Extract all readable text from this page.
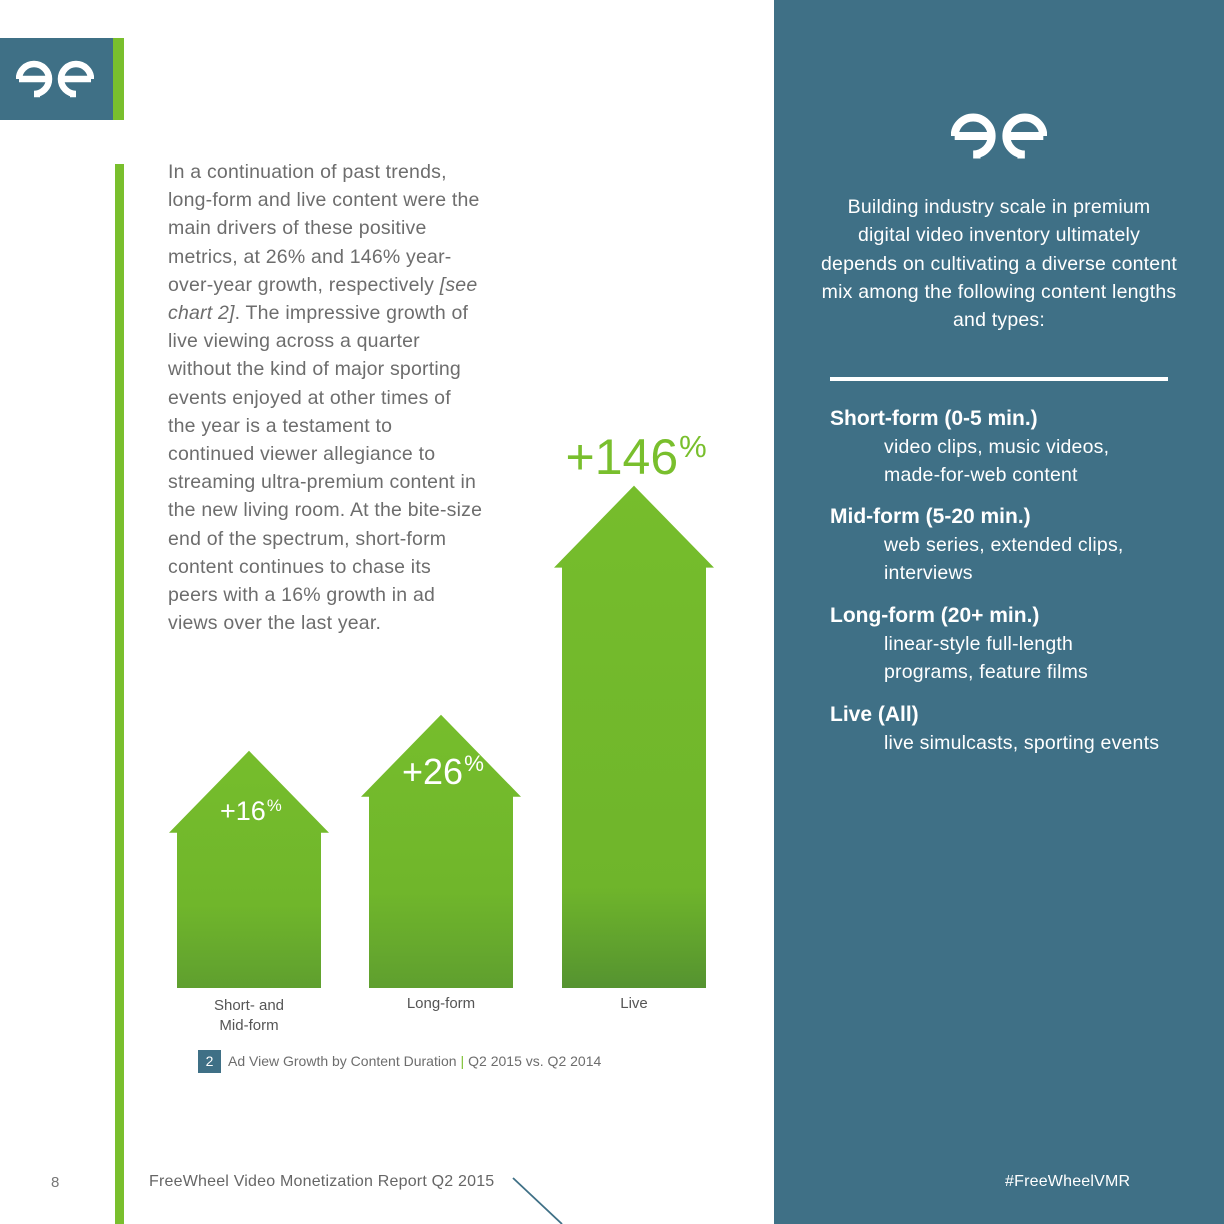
In a continuation of past trends, long-form and live content were the main drivers of these positive metrics, at 26% and 146% year-over-year growth, respectively [see chart 2]. The impressive growth of live viewing across a quarter without the kind of major sporting events enjoyed at other times of the year is a testament to continued viewer allegiance to streaming ultra-premium content in the new living room. At the bite-size end of the spectrum, short-form content continues to chase its peers with a 16% growth in ad views over the last year.
+16%
+26%
+146%
Short- and
Mid-form
Long-form	Live
2	Ad View Growth by Content Duration | Q2 2015 vs. Q2 2014
8	FreeWheel Video Monetization Report Q2 2015
Building industry scale in premium digital video inventory ultimately depends on cultivating a diverse content mix among the following content lengths and types:
Short-form (0-5 min.)
video clips, music videos,
made-for-web content
Mid-form (5-20 min.)
web series, extended clips,
interviews
Long-form (20+ min.)
linear-style full-length
programs, feature films
Live (All)
live simulcasts, sporting events
#FreeWheelVMR
